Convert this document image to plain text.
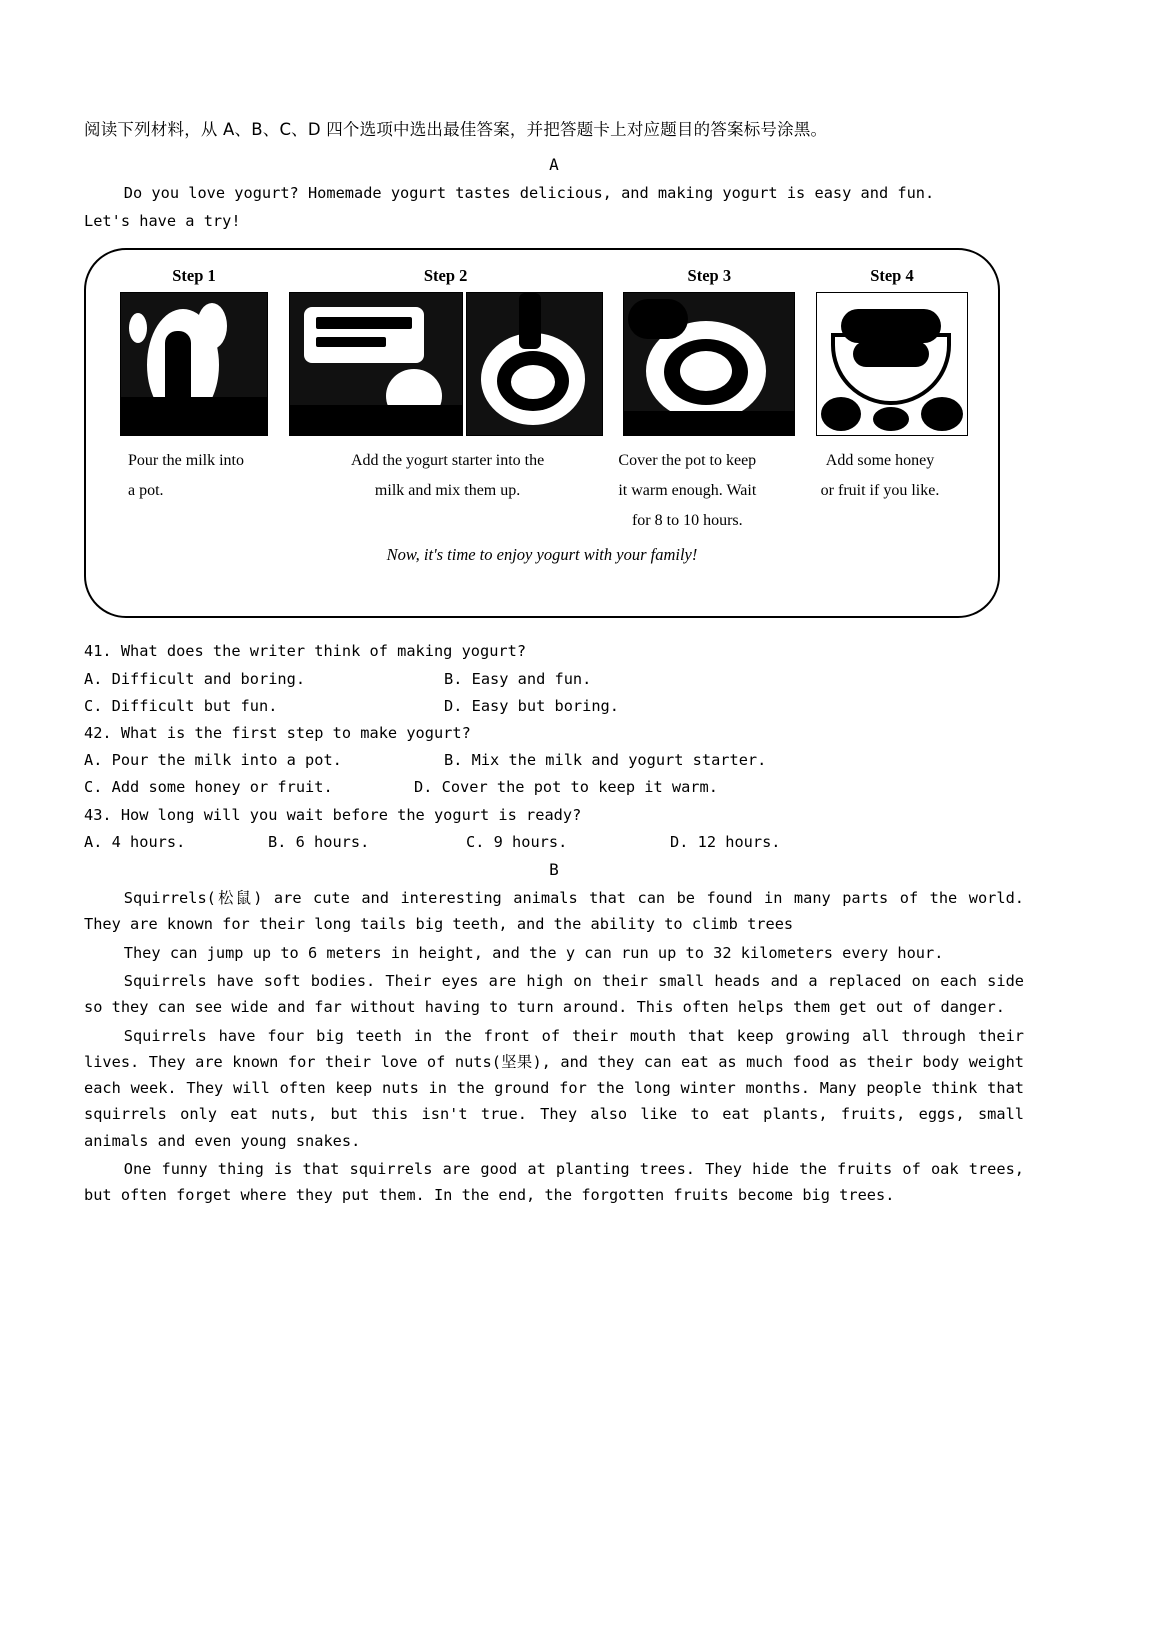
阅读下列材料，从 A、B、C、D 四个选项中选出最佳答案，并把答题卡上对应题目的答案标号涂黑。
A

Do you love yogurt? Homemade yogurt tastes delicious, and making yogurt is easy and fun.

Let's have a try!

Step 1	Step 2	Step 3	Step 4
Pour the milk into
a pot.
Add the yogurt starter into the
milk and mix them up.
Cover the pot to keep
it warm enough. Wait
for 8 to 10 hours.
Add some honey
or fruit if you like.
Now, it's time to enjoy yogurt with your family!
41. What does the writer think of making yogurt?
A. Difficult and boring.	B. Easy and fun.
C. Difficult but fun.	D. Easy but boring.
42. What is the first step to make yogurt?
A. Pour the milk into a pot.	B. Mix the milk and yogurt starter.
C. Add some honey or fruit.	D. Cover the pot to keep it warm.
43. How long will you wait before the yogurt is ready?
A. 4 hours.	B. 6 hours.	C. 9 hours.	D. 12 hours.
B

Squirrels(松鼠) are cute and interesting animals that can be found in many parts of the world. They are known for their long tails big teeth, and the ability to climb trees

They can jump up to 6 meters in height, and the y can run up to 32 kilometers every hour.

Squirrels have soft bodies. Their eyes are high on their small heads and a replaced on each side so they can see wide and far without having to turn around. This often helps them get out of danger.

Squirrels have four big teeth in the front of their mouth that keep growing all through their lives. They are known for their love of nuts(坚果), and they can eat as much food as their body weight each week. They will often keep nuts in the ground for the long winter months. Many people think that squirrels only eat nuts, but this isn't true. They also like to eat plants, fruits, eggs, small animals and even young snakes.

One funny thing is that squirrels are good at planting trees. They hide the fruits of oak trees, but often forget where they put them. In the end, the forgotten fruits become big trees.
